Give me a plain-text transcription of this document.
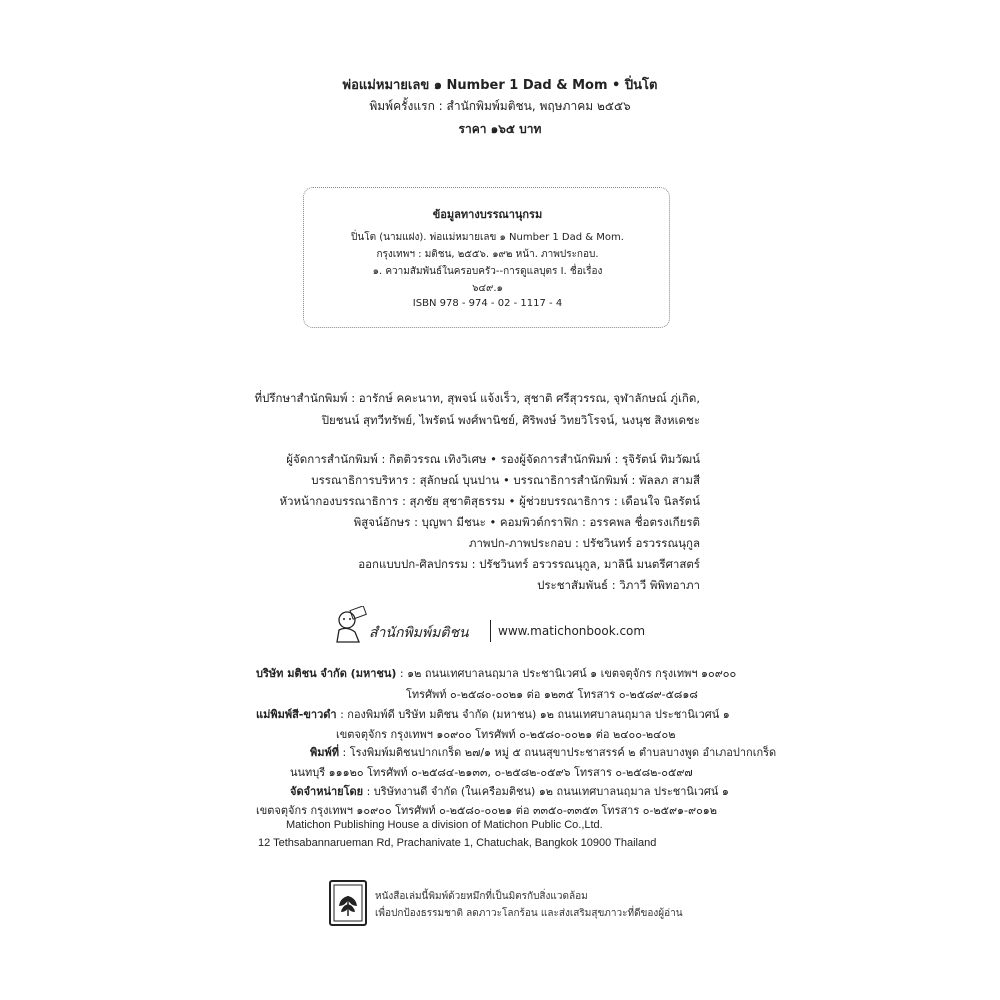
พ่อแม่หมายเลข ๑ Number 1 Dad & Mom • ปิ่นโต
พิมพ์ครั้งแรก : สำนักพิมพ์มติชน, พฤษภาคม ๒๕๕๖
ราคา ๑๖๕ บาท
ข้อมูลทางบรรณานุกรม
ปิ่นโต (นามแฝง). พ่อแม่หมายเลข ๑ Number 1 Dad & Mom.
กรุงเทพฯ : มติชน, ๒๕๕๖. ๑๙๒ หน้า. ภาพประกอบ.
๑. ความสัมพันธ์ในครอบครัว--การดูแลบุตร I. ชื่อเรื่อง
๖๔๙.๑
ISBN 978 - 974 - 02 - 1117 - 4
ที่ปรึกษาสำนักพิมพ์ : อารักษ์ คคะนาท, สุพจน์ แจ้งเร็ว, สุชาติ ศรีสุวรรณ, จุฬาลักษณ์ ภู่เกิด,
ปิยชนน์ สุทวีทรัพย์, ไพรัตน์ พงศ์พานิชย์, ศิริพงษ์ วิทยวิโรจน์, นงนุช สิงหเดชะ
ผู้จัดการสำนักพิมพ์ : กิตติวรรณ เทิงวิเศษ • รองผู้จัดการสำนักพิมพ์ : รุจิรัตน์ ทิมวัฒน์
บรรณาธิการบริหาร : สุลักษณ์ บุนปาน • บรรณาธิการสำนักพิมพ์ : พัลลภ สามสี
หัวหน้ากองบรรณาธิการ : สุภชัย สุชาติสุธรรม • ผู้ช่วยบรรณาธิการ : เดือนใจ นิลรัตน์
พิสูจน์อักษร : บุญพา มีชนะ • คอมพิวต์กราฟิก : อรรคพล ชื่อตรงเกียรติ
ภาพปก-ภาพประกอบ : ปรัชวินทร์ อรวรรณนุกูล
ออกแบบปก-ศิลปกรรม : ปรัชวินทร์ อรวรรณนุกูล, มาลินี มนตรีศาสตร์
ประชาสัมพันธ์ : วิภาวี พิพิทอาภา
สำนักพิมพ์มติชน www.matichonbook.com
บริษัท มติชน จำกัด (มหาชน) : ๑๒ ถนนเทศบาลนฤมาล ประชานิเวศน์ ๑ เขตจตุจักร กรุงเทพฯ ๑๐๙๐๐
โทรศัพท์ ๐-๒๕๘๐-๐๐๒๑ ต่อ ๑๒๓๕ โทรสาร ๐-๒๕๘๙-๕๘๑๘
แม่พิมพ์สี-ขาวดำ : กองพิมพ์ดี บริษัท มติชน จำกัด (มหาชน) ๑๒ ถนนเทศบาลนฤมาล ประชานิเวศน์ ๑
เขตจตุจักร กรุงเทพฯ ๑๐๙๐๐ โทรศัพท์ ๐-๒๕๘๐-๐๐๒๑ ต่อ ๒๔๐๐-๒๔๐๒
พิมพ์ที่ : โรงพิมพ์มติชนปากเกร็ด ๒๗/๑ หมู่ ๕ ถนนสุขาประชาสรรค์ ๒ ตำบลบางพูด อำเภอปากเกร็ด
นนทบุรี ๑๑๑๒๐ โทรศัพท์ ๐-๒๕๘๔-๒๑๓๓, ๐-๒๕๘๒-๐๕๙๖ โทรสาร ๐-๒๕๘๒-๐๕๙๗
จัดจำหน่ายโดย : บริษัทงานดี จำกัด (ในเครือมติชน) ๑๒ ถนนเทศบาลนฤมาล ประชานิเวศน์ ๑
เขตจตุจักร กรุงเทพฯ ๑๐๙๐๐ โทรศัพท์ ๐-๒๕๘๐-๐๐๒๑ ต่อ ๓๓๕๐-๓๓๕๓ โทรสาร ๐-๒๕๙๑-๙๐๑๒
Matichon Publishing House a division of Matichon Public Co.,Ltd.
12 Tethsabannarueman Rd, Prachanivate 1, Chatuchak, Bangkok 10900 Thailand
หนังสือเล่มนี้พิมพ์ด้วยหมึกที่เป็นมิตรกับสิ่งแวดล้อม
เพื่อปกป้องธรรมชาติ ลดภาวะโลกร้อน และส่งเสริมสุขภาวะที่ดีของผู้อ่าน
